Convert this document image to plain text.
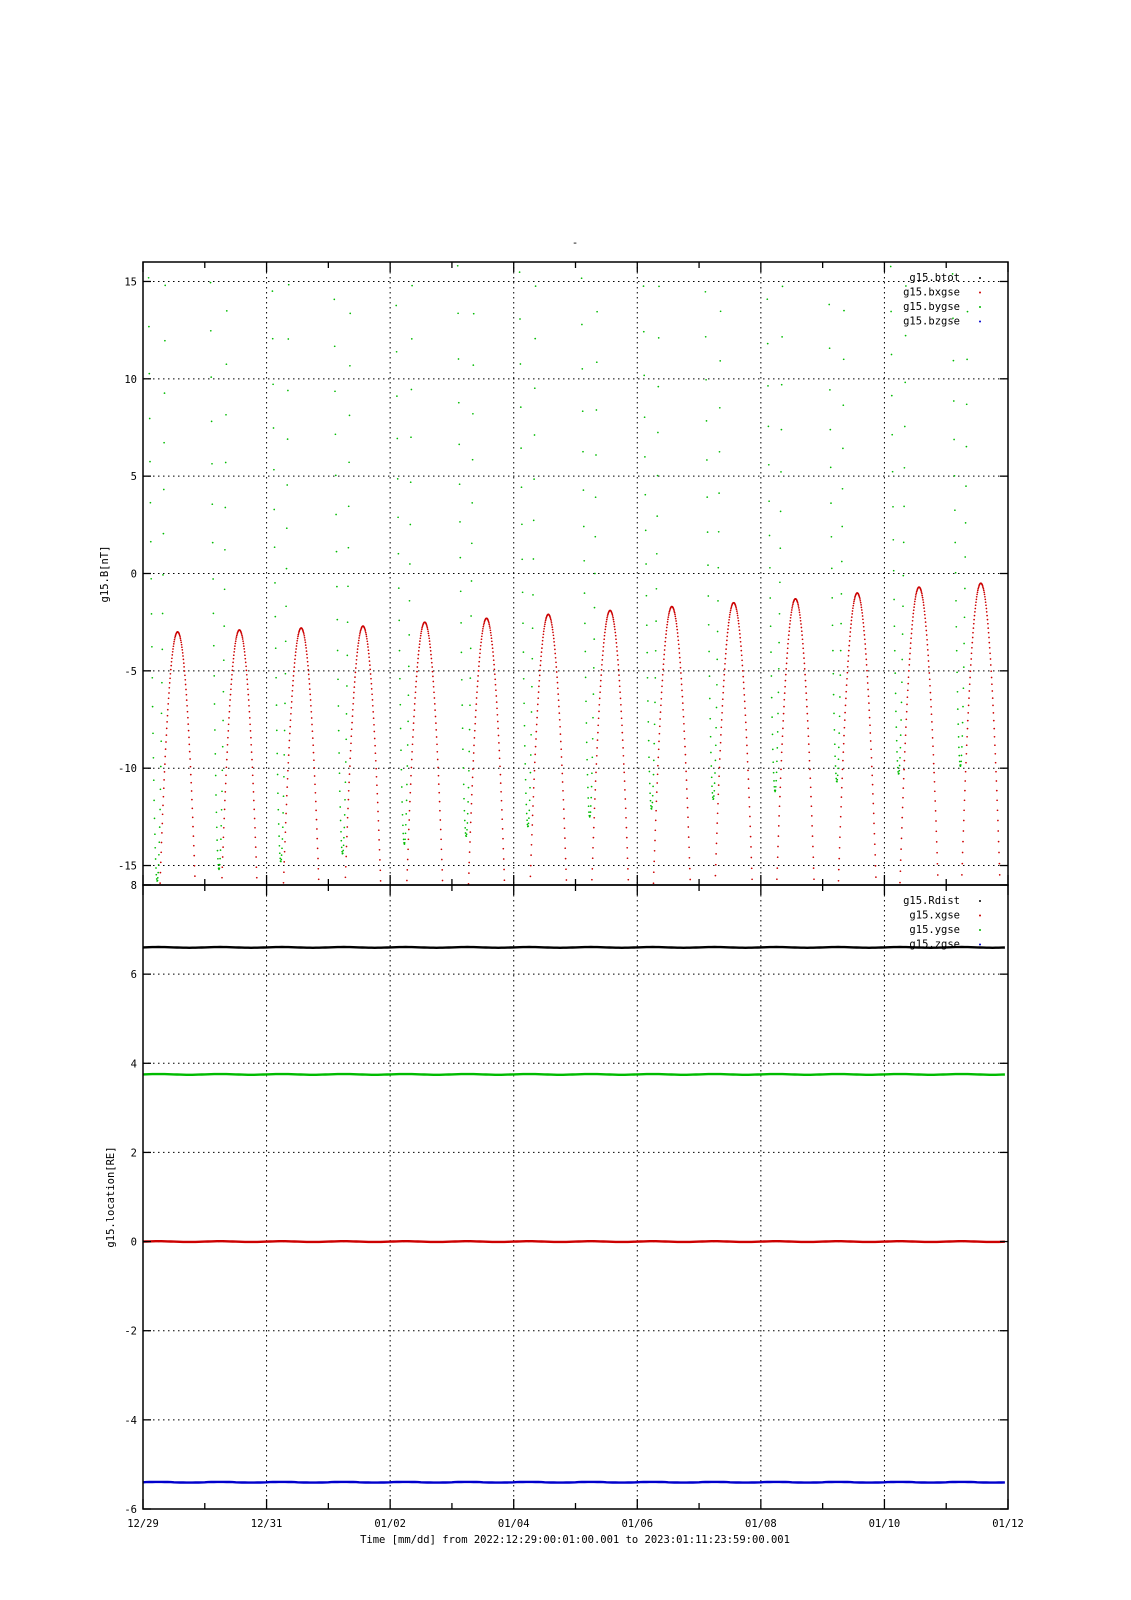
-
15
10
5
0
-5
-10
-15
g15.B[nT]
g15.btot
g15.bxgse
g15.bygse
g15.bzgse
8
6
4
2
0
-2
-4
-6
g15.location[RE]
g15.Rdist
g15.xgse
g15.ygse
g15.zgse
12/29	12/31	01/02	01/04	01/06	01/08	01/10	01/12
Time [mm/dd] from 2022:12:29:00:01:00.001 to 2023:01:11:23:59:00.001
